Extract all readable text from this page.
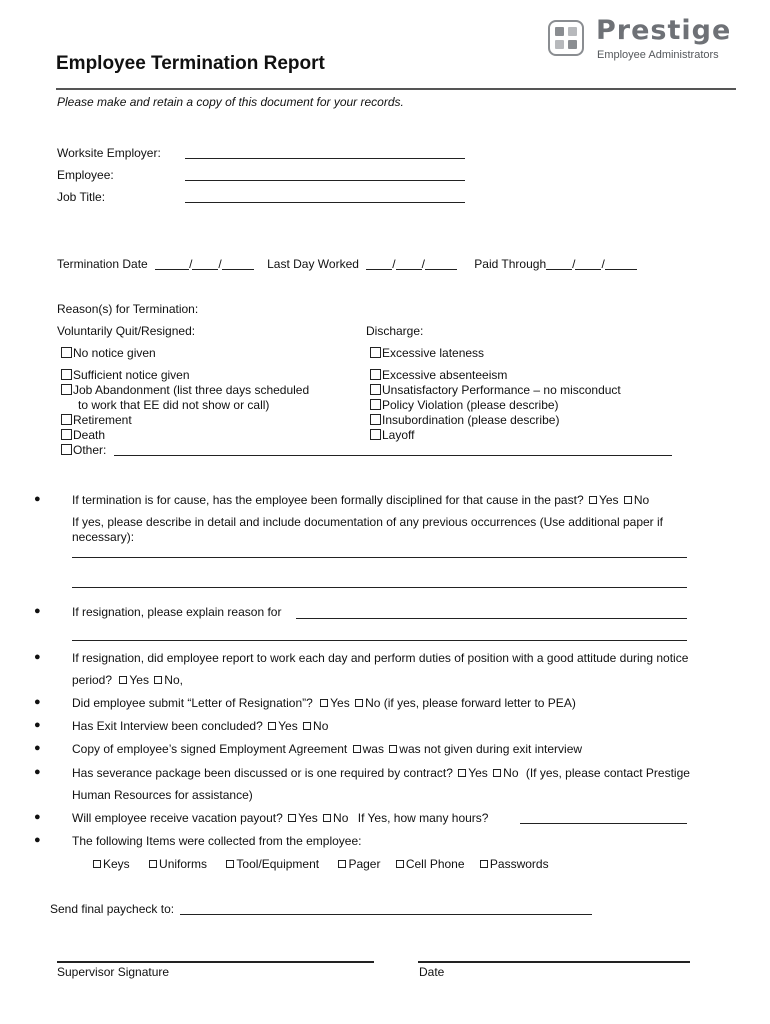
Prestige
Employee Administrators
Employee Termination Report
Please make and retain a copy of this document for your records.
Worksite Employer:
Employee:
Job Title:
Termination Date	/ /	Last Day Worked	/ /	Paid Through / /
Reason(s) for Termination:
Voluntarily Quit/Resigned:	Discharge:
No notice given	Excessive lateness
Sufficient notice given	Excessive absenteeism
Job Abandonment (list three days scheduled	Unsatisfactory Performance – no misconduct
to work that EE did not show or call)	Policy Violation (please describe)
Retirement	Insubordination (please describe)
Death	Layoff
Other:
●	If termination is for cause, has the employee been formally disciplined for that cause in the past? Yes No
If yes, please describe in detail and include documentation of any previous occurrences (Use additional paper if
necessary):
●	If resignation, please explain reason for
●	If resignation, did employee report to work each day and perform duties of position with a good attitude during notice
period? Yes No,
●	Did employee submit “Letter of Resignation”? Yes No (if yes, please forward letter to PEA)
●	Has Exit Interview been concluded? Yes No
●	Copy of employee’s signed Employment Agreement was was not given during exit interview
●	Has severance package been discussed or is one required by contract? Yes No (If yes, please contact Prestige
Human Resources for assistance)
●	Will employee receive vacation payout? Yes No If Yes, how many hours?
●	The following Items were collected from the employee:
Keys Uniforms Tool/Equipment Pager Cell Phone Passwords
Send final paycheck to:
Supervisor Signature	Date
